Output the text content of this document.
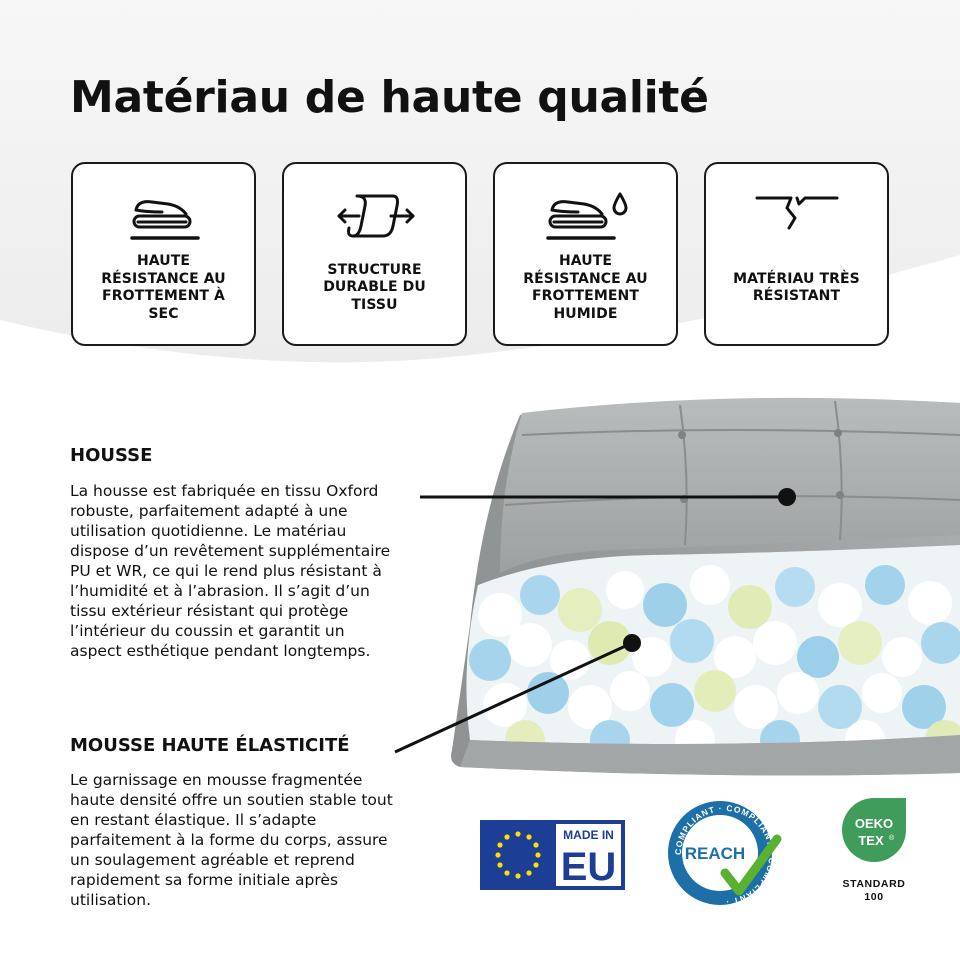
Matériau de haute qualité
HAUTE RÉSISTANCE AU FROTTEMENT À SEC
STRUCTURE DURABLE DU TISSU
HAUTE RÉSISTANCE AU FROTTEMENT HUMIDE
MATÉRIAU TRÈS RÉSISTANT
HOUSSE
La housse est fabriquée en tissu Oxford robuste, parfaitement adapté à une utilisation quotidienne. Le matériau dispose d’un revêtement supplémentaire PU et WR, ce qui le rend plus résistant à l’humidité et à l’abrasion. Il s’agit d’un tissu extérieur résistant qui protège l’intérieur du coussin et garantit un aspect esthétique pendant longtemps.
MOUSSE HAUTE ÉLASTICITÉ
Le garnissage en mousse fragmentée haute densité offre un soutien stable tout en restant élastique. Il s’adapte parfaitement à la forme du corps, assure un soulagement agréable et reprend rapidement sa forme initiale après utilisation.
MADE IN
EU	COMPLIANT · COMPLIANT · COMPLIANT ·
REACH
OEKO
TEX ®
STANDARD
100
